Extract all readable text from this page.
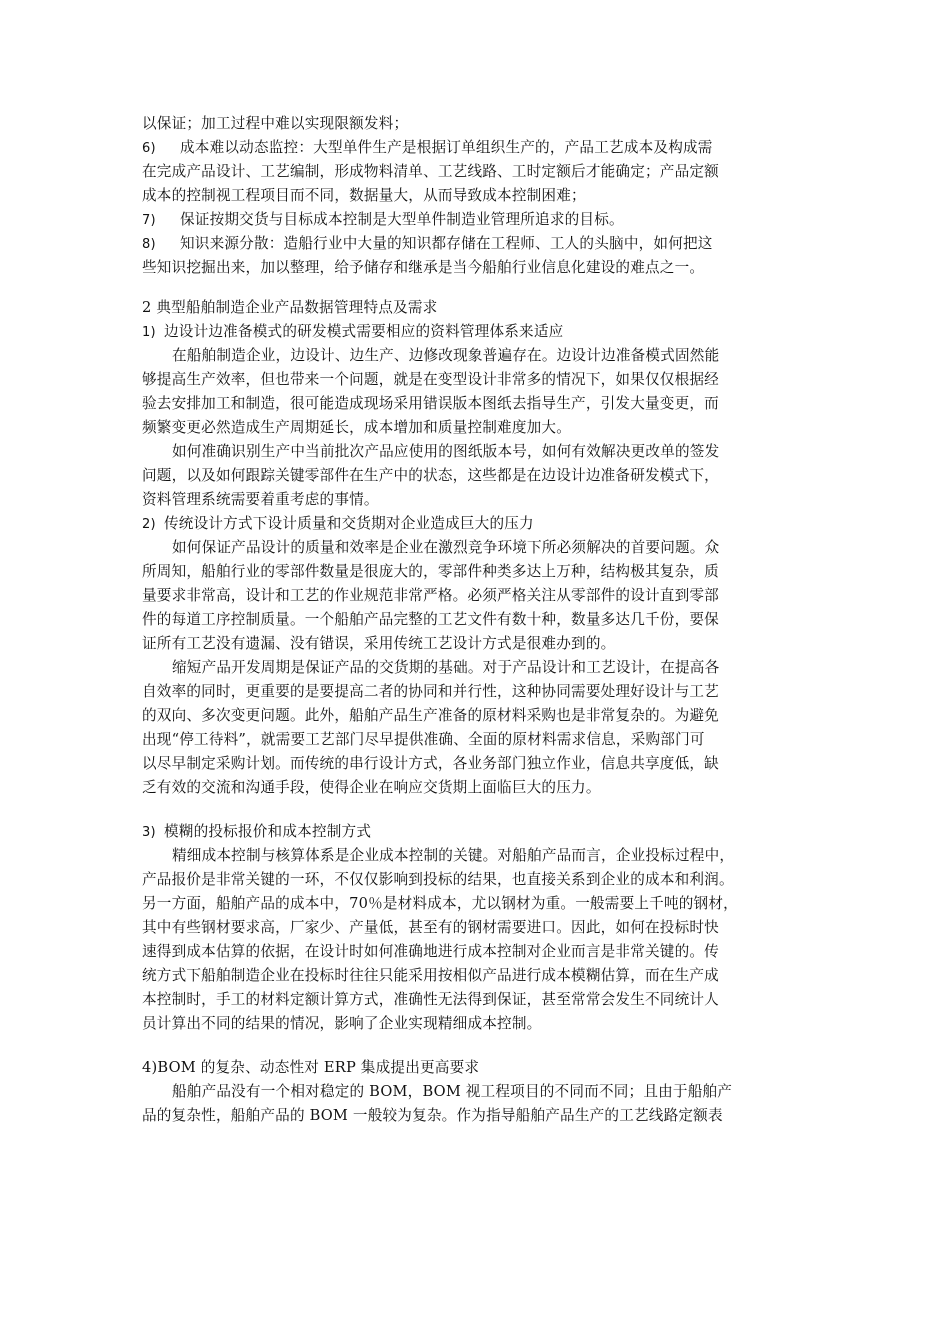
以保证；加工过程中难以实现限额发料；
6) 成本难以动态监控：大型单件生产是根据订单组织生产的，产品工艺成本及构成需
在完成产品设计、工艺编制，形成物料清单、工艺线路、工时定额后才能确定；产品定额
成本的控制视工程项目而不同，数据量大，从而导致成本控制困难；
7) 保证按期交货与目标成本控制是大型单件制造业管理所追求的目标。
8) 知识来源分散：造船行业中大量的知识都存储在工程师、工人的头脑中，如何把这
些知识挖掘出来，加以整理，给予储存和继承是当今船舶行业信息化建设的难点之一。
2 典型船舶制造企业产品数据管理特点及需求
1) 边设计边准备模式的研发模式需要相应的资料管理体系来适应
在船舶制造企业，边设计、边生产、边修改现象普遍存在。边设计边准备模式固然能
够提高生产效率，但也带来一个问题，就是在变型设计非常多的情况下，如果仅仅根据经
验去安排加工和制造，很可能造成现场采用错误版本图纸去指导生产，引发大量变更，而
频繁变更必然造成生产周期延长，成本增加和质量控制难度加大。
如何准确识别生产中当前批次产品应使用的图纸版本号，如何有效解决更改单的签发
问题，以及如何跟踪关键零部件在生产中的状态，这些都是在边设计边准备研发模式下，
资料管理系统需要着重考虑的事情。
2) 传统设计方式下设计质量和交货期对企业造成巨大的压力
如何保证产品设计的质量和效率是企业在激烈竞争环境下所必须解决的首要问题。众
所周知，船舶行业的零部件数量是很庞大的，零部件种类多达上万种，结构极其复杂，质
量要求非常高，设计和工艺的作业规范非常严格。必须严格关注从零部件的设计直到零部
件的每道工序控制质量。一个船舶产品完整的工艺文件有数十种，数量多达几千份，要保
证所有工艺没有遗漏、没有错误，采用传统工艺设计方式是很难办到的。
缩短产品开发周期是保证产品的交货期的基础。对于产品设计和工艺设计，在提高各
自效率的同时，更重要的是要提高二者的协同和并行性，这种协同需要处理好设计与工艺
的双向、多次变更问题。此外，船舶产品生产准备的原材料采购也是非常复杂的。为避免
出现“停工待料”，就需要工艺部门尽早提供准确、全面的原材料需求信息，采购部门可
以尽早制定采购计划。而传统的串行设计方式，各业务部门独立作业，信息共享度低，缺
乏有效的交流和沟通手段，使得企业在响应交货期上面临巨大的压力。
3) 模糊的投标报价和成本控制方式
精细成本控制与核算体系是企业成本控制的关键。对船舶产品而言，企业投标过程中，
产品报价是非常关键的一环，不仅仅影响到投标的结果，也直接关系到企业的成本和利润。
另一方面，船舶产品的成本中，70％是材料成本，尤以钢材为重。一般需要上千吨的钢材，
其中有些钢材要求高，厂家少、产量低，甚至有的钢材需要进口。因此，如何在投标时快
速得到成本估算的依据，在设计时如何准确地进行成本控制对企业而言是非常关键的。传
统方式下船舶制造企业在投标时往往只能采用按相似产品进行成本模糊估算，而在生产成
本控制时，手工的材料定额计算方式，准确性无法得到保证，甚至常常会发生不同统计人
员计算出不同的结果的情况，影响了企业实现精细成本控制。
4)BOM 的复杂、动态性对 ERP 集成提出更高要求
船舶产品没有一个相对稳定的 BOM，BOM 视工程项目的不同而不同；且由于船舶产
品的复杂性，船舶产品的 BOM 一般较为复杂。作为指导船舶产品生产的工艺线路定额表
